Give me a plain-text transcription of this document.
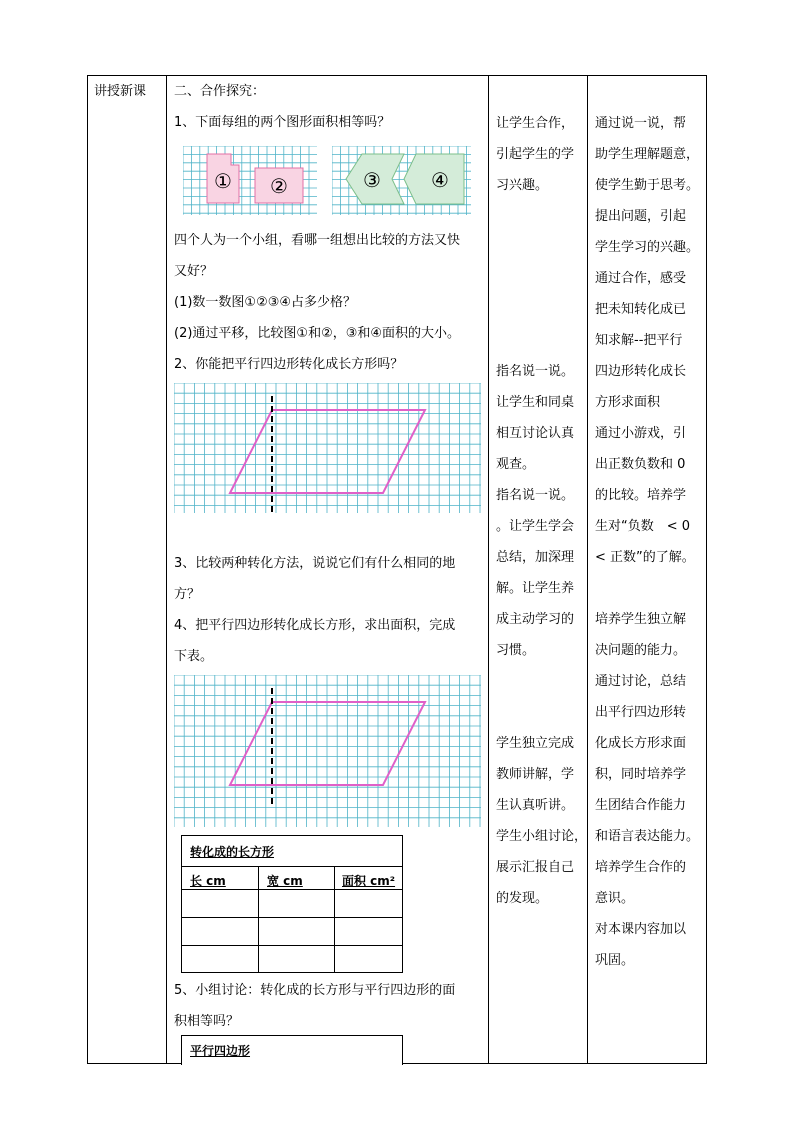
讲授新课 二、合作探究：
1、下面每组的两个图形面积相等吗？
① ②	③	④
四个人为一个小组，看哪一组想出比较的方法又快
又好？
(1)数一数图①②③④占多少格？
(2)通过平移，比较图①和②，③和④面积的大小。
2、你能把平行四边形转化成长方形吗？
3、比较两种转化方法，说说它们有什么相同的地
方？
4、把平行四边形转化成长方形，求出面积，完成
下表。
转化成的长方形
长 cm	宽 cm	面积 cm²
5、小组讨论：转化成的长方形与平行四边形的面
积相等吗？
平行四边形
让学生合作，
引起学生的学
习兴趣。
指名说一说。
让学生和同桌
相互讨论认真
观查。
指名说一说。
。让学生学会
总结，加深理
解。让学生养
成主动学习的
习惯。
学生独立完成
教师讲解，学
生认真听讲。
学生小组讨论，
展示汇报自己
的发现。
通过说一说，帮
助学生理解题意，
使学生勤于思考。
提出问题，引起
学生学习的兴趣。
通过合作，感受
把未知转化成已
知求解--把平行
四边形转化成长
方形求面积
通过小游戏，引
出正数负数和 0
的比较。培养学
生对“负数　< 0
< 正数”的了解。
培养学生独立解
决问题的能力。
通过讨论，总结
出平行四边形转
化成长方形求面
积，同时培养学
生团结合作能力
和语言表达能力。
培养学生合作的
意识。
对本课内容加以
巩固。
